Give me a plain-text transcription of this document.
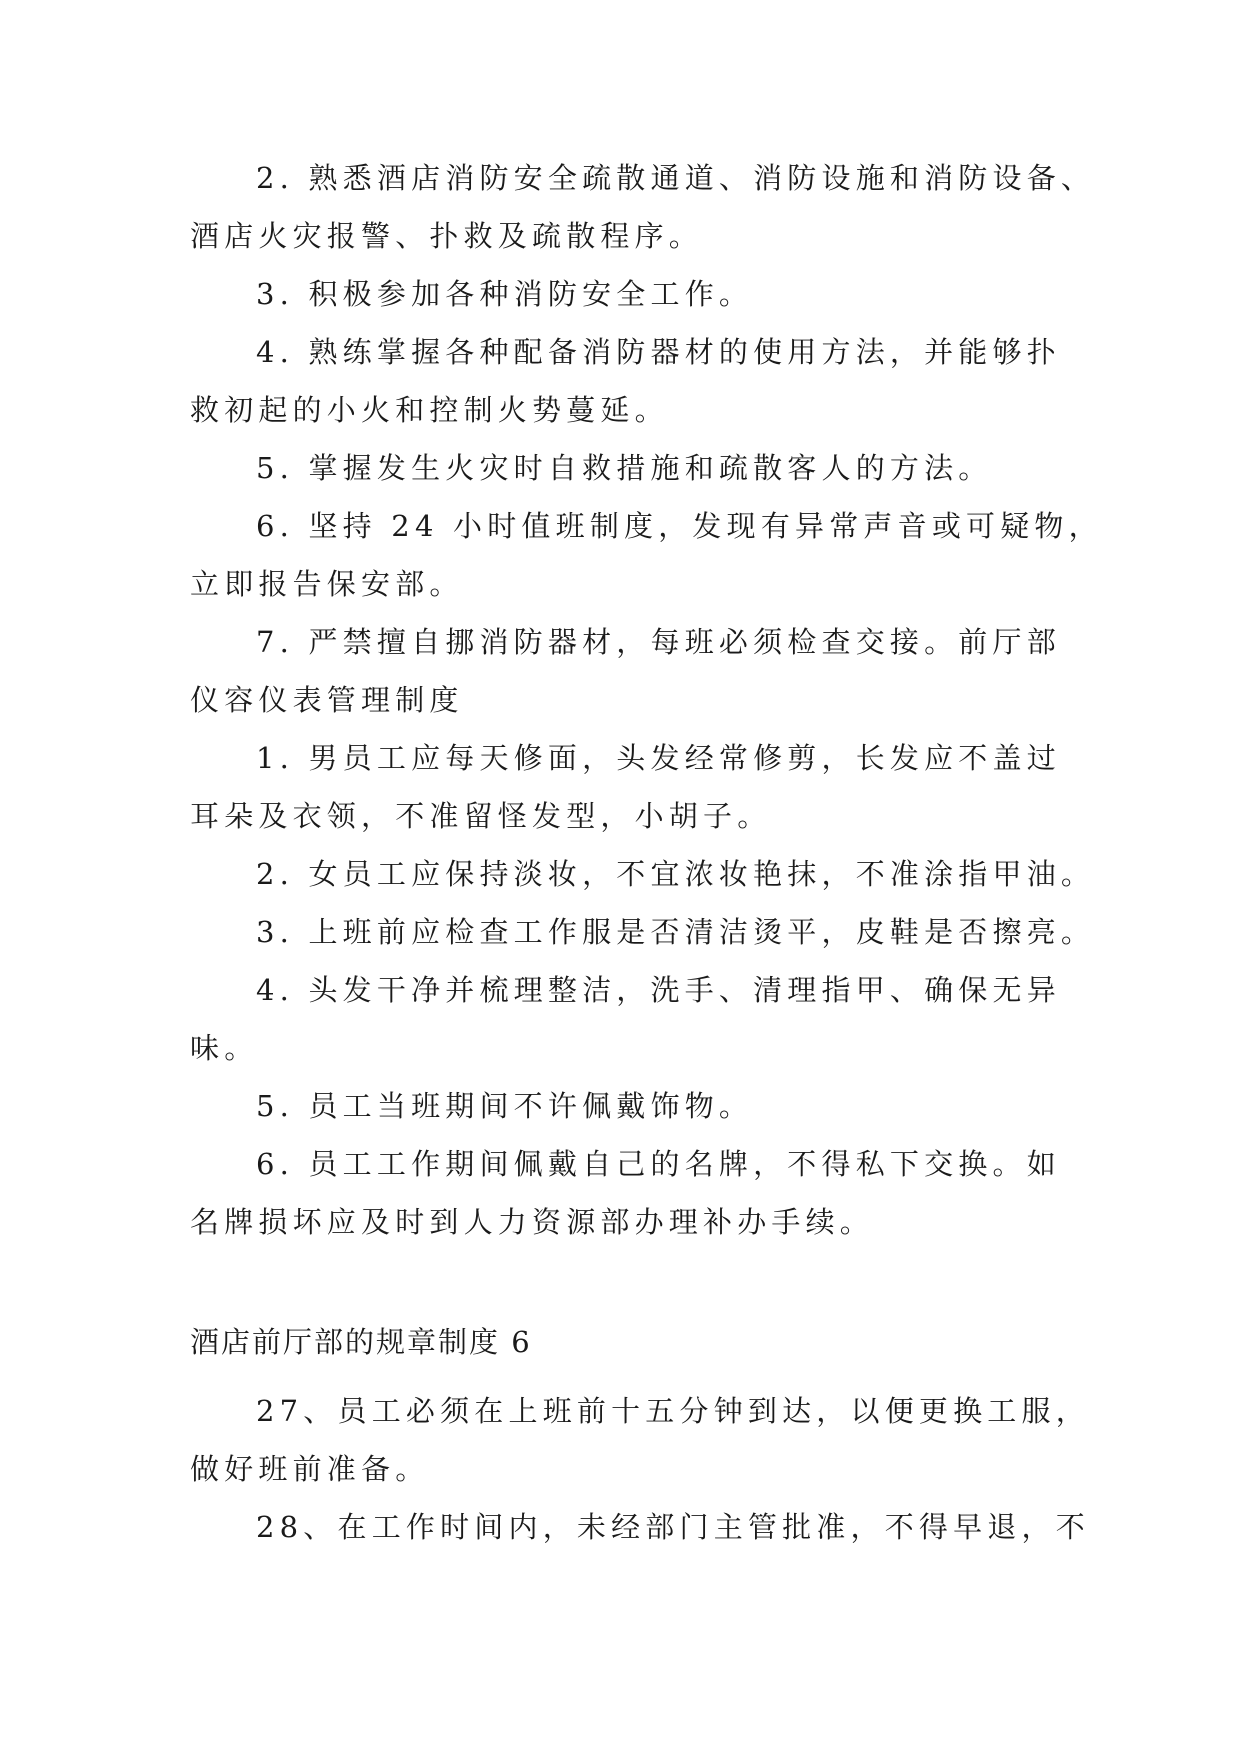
2. 熟悉酒店消防安全疏散通道、消防设施和消防设备、

酒店火灾报警、扑救及疏散程序。

3. 积极参加各种消防安全工作。

4. 熟练掌握各种配备消防器材的使用方法，并能够扑

救初起的小火和控制火势蔓延。

5. 掌握发生火灾时自救措施和疏散客人的方法。

6. 坚持 24 小时值班制度，发现有异常声音或可疑物，

立即报告保安部。

7. 严禁擅自挪消防器材，每班必须检查交接。前厅部

仪容仪表管理制度

1. 男员工应每天修面，头发经常修剪，长发应不盖过

耳朵及衣领，不准留怪发型，小胡子。

2. 女员工应保持淡妆，不宜浓妆艳抹，不准涂指甲油。

3. 上班前应检查工作服是否清洁烫平，皮鞋是否擦亮。

4. 头发干净并梳理整洁，洗手、清理指甲、确保无异

味。

5. 员工当班期间不许佩戴饰物。

6. 员工工作期间佩戴自己的名牌，不得私下交换。如

名牌损坏应及时到人力资源部办理补办手续。

酒店前厅部的规章制度 6

27、员工必须在上班前十五分钟到达，以便更换工服，

做好班前准备。

28、在工作时间内，未经部门主管批准，不得早退，不
